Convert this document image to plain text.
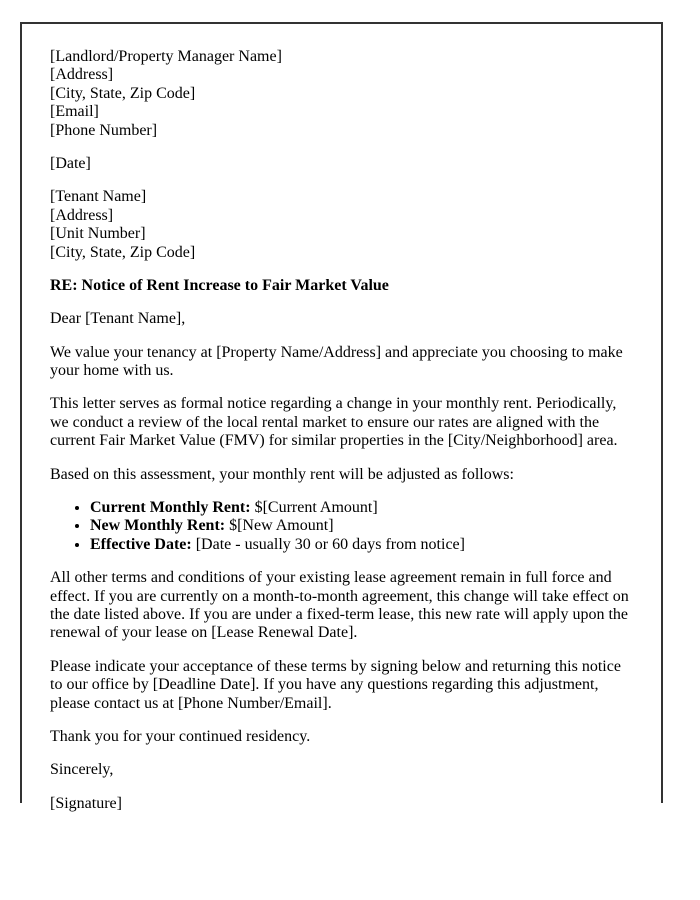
[Landlord/Property Manager Name]
[Address]
[City, State, Zip Code]
[Email]
[Phone Number]

[Date]

[Tenant Name]
[Address]
[Unit Number]
[City, State, Zip Code]

RE: Notice of Rent Increase to Fair Market Value

Dear [Tenant Name],

We value your tenancy at [Property Name/Address] and appreciate you choosing to make your home with us.

This letter serves as formal notice regarding a change in your monthly rent. Periodically, we conduct a review of the local rental market to ensure our rates are aligned with the current Fair Market Value (FMV) for similar properties in the [City/Neighborhood] area.

Based on this assessment, your monthly rent will be adjusted as follows:

• Current Monthly Rent: $[Current Amount]
• New Monthly Rent: $[New Amount]
• Effective Date: [Date - usually 30 or 60 days from notice]

All other terms and conditions of your existing lease agreement remain in full force and effect. If you are currently on a month-to-month agreement, this change will take effect on the date listed above. If you are under a fixed-term lease, this new rate will apply upon the renewal of your lease on [Lease Renewal Date].

Please indicate your acceptance of these terms by signing below and returning this notice to our office by [Deadline Date]. If you have any questions regarding this adjustment, please contact us at [Phone Number/Email].

Thank you for your continued residency.

Sincerely,

[Signature]
